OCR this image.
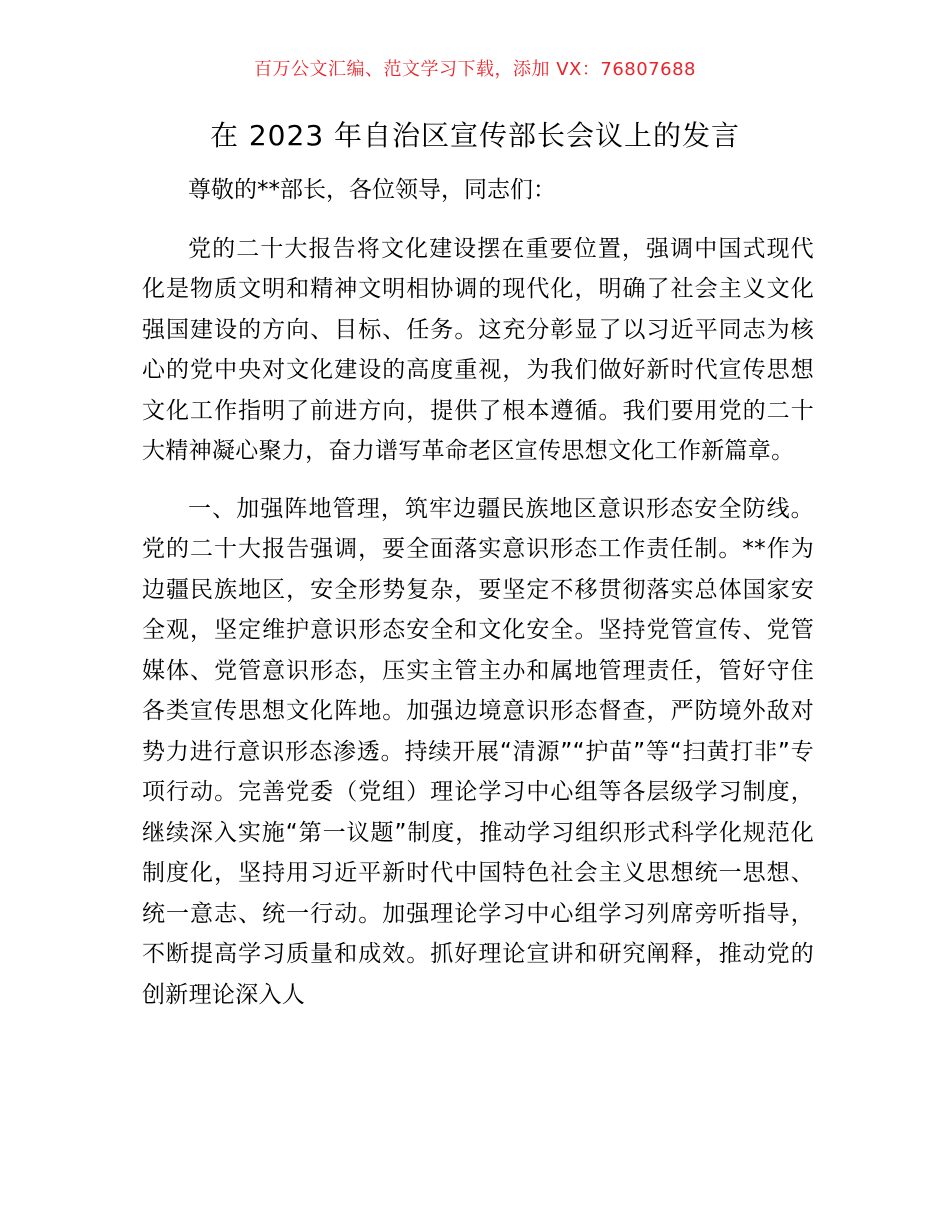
百万公文汇编、范文学习下载，添加 VX：76807688
在 2023 年自治区宣传部长会议上的发言

尊敬的**部长，各位领导，同志们：

党的二十大报告将文化建设摆在重要位置，强调中国式现代化是物质文明和精神文明相协调的现代化，明确了社会主义文化强国建设的方向、目标、任务。这充分彰显了以习近平同志为核心的党中央对文化建设的高度重视，为我们做好新时代宣传思想文化工作指明了前进方向，提供了根本遵循。我们要用党的二十大精神凝心聚力，奋力谱写革命老区宣传思想文化工作新篇章。

一、加强阵地管理，筑牢边疆民族地区意识形态安全防线。党的二十大报告强调，要全面落实意识形态工作责任制。**作为边疆民族地区，安全形势复杂，要坚定不移贯彻落实总体国家安全观，坚定维护意识形态安全和文化安全。坚持党管宣传、党管媒体、党管意识形态，压实主管主办和属地管理责任，管好守住各类宣传思想文化阵地。加强边境意识形态督查，严防境外敌对势力进行意识形态渗透。持续开展“清源”“护苗”等“扫黄打非”专项行动。完善党委（党组）理论学习中心组等各层级学习制度，继续深入实施“第一议题”制度，推动学习组织形式科学化规范化制度化，坚持用习近平新时代中国特色社会主义思想统一思想、统一意志、统一行动。加强理论学习中心组学习列席旁听指导，不断提高学习质量和成效。抓好理论宣讲和研究阐释，推动党的创新理论深入人
